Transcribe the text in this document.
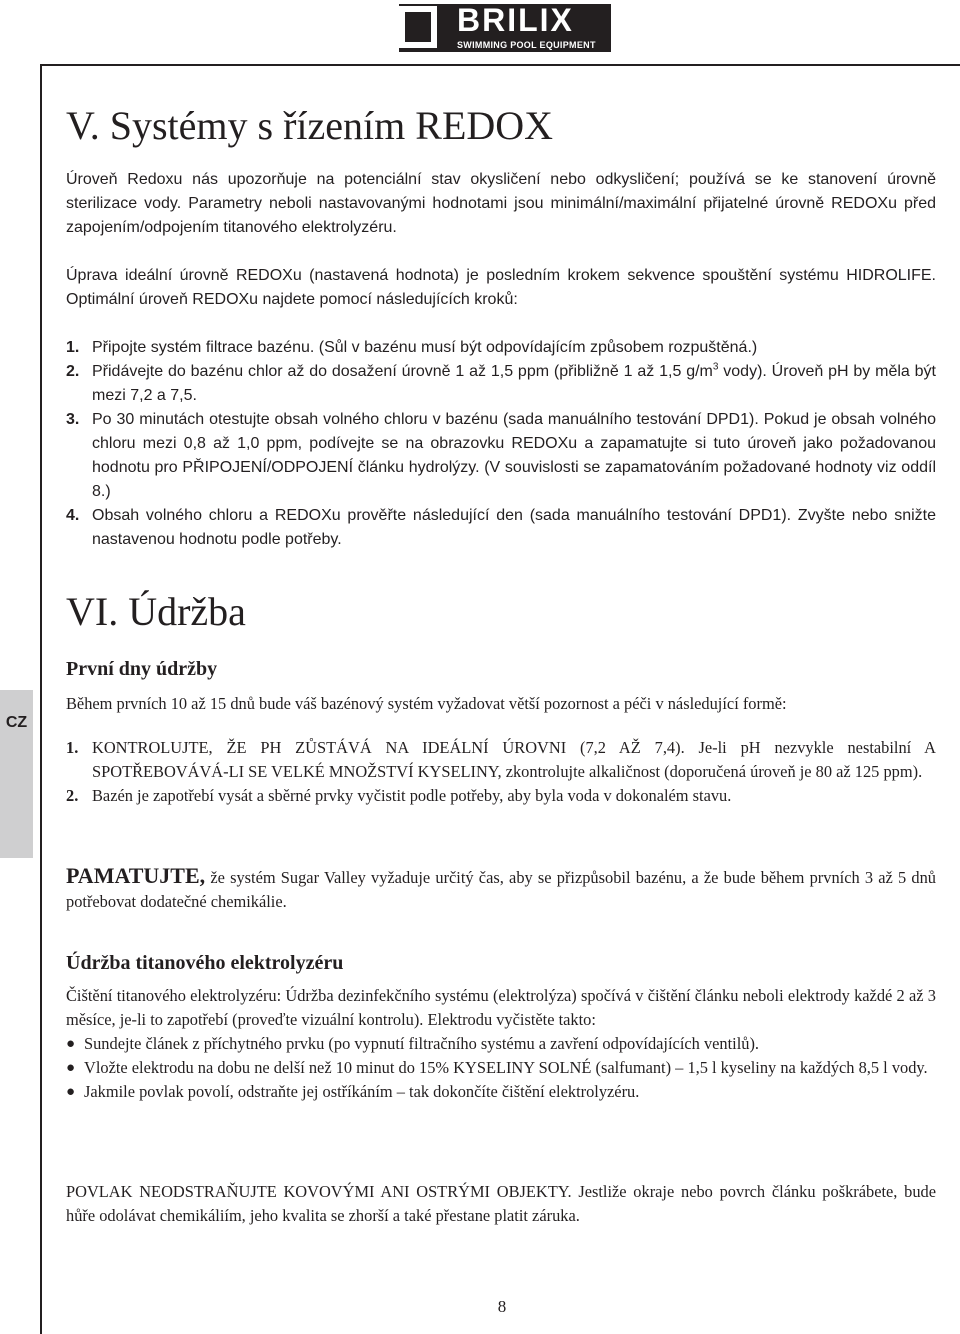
BRILIX
SWIMMING POOL EQUIPMENT
CZ
V. Systémy s řízením REDOX

Úroveň Redoxu nás upozorňuje na potenciální stav okysličení nebo odkysličení; používá se ke stanovení úrovně sterilizace vody. Parametry neboli nastavovanými hodnotami jsou minimální/maximální přijatelné úrovně REDOXu před zapojením/odpojením titanového elektrolyzéru.

Úprava ideální úrovně REDOXu (nastavená hodnota) je posledním krokem sekvence spouštění systému HIDROLIFE. Optimální úroveň REDOXu najdete pomocí následujících kroků:

1. Připojte systém filtrace bazénu. (Sůl v bazénu musí být odpovídajícím způsobem rozpuštěná.)
2. Přidávejte do bazénu chlor až do dosažení úrovně 1 až 1,5 ppm (přibližně 1 až 1,5 $g/m^3$ vody). Úroveň pH by měla být mezi 7,2 a 7,5.
3. Po 30 minutách otestujte obsah volného chloru v bazénu (sada manuálního testování DPD1). Pokud je obsah volného chloru mezi 0,8 až 1,0 ppm, podívejte se na obrazovku REDOXu a zapamatujte si tuto úroveň jako požadovanou hodnotu pro PŘIPOJENÍ/ODPOJENÍ článku hydrolýzy. (V souvislosti se zapamatováním požadované hodnoty viz oddíl 8.)
4. Obsah volného chloru a REDOXu prověřte následující den (sada manuálního testování DPD1). Zvyšte nebo snižte nastavenou hodnotu podle potřeby.
VI. Údržba
První dny údržby

Během prvních 10 až 15 dnů bude váš bazénový systém vyžadovat větší pozornost a péči v následující formě:

1. KONTROLUJTE, ŽE PH ZŮSTÁVÁ NA IDEÁLNÍ ÚROVNI (7,2 AŽ 7,4). Je-li pH nezvykle nestabilní A SPOTŘEBOVÁVÁ-LI SE VELKÉ MNOŽSTVÍ KYSELINY, zkontrolujte alkaličnost (doporučená úroveň je 80 až 125 ppm).
2. Bazén je zapotřebí vysát a sběrné prvky vyčistit podle potřeby, aby byla voda v dokonalém stavu.

PAMATUJTE, že systém Sugar Valley vyžaduje určitý čas, aby se přizpůsobil bazénu, a že bude během prvních 3 až 5 dnů potřebovat dodatečné chemikálie.

Údržba titanového elektrolyzéru

Čištění titanového elektrolyzéru: Údržba dezinfekčního systému (elektrolýza) spočívá v čištění článku neboli elektrody každé 2 až 3 měsíce, je-li to zapotřebí (proveďte vizuální kontrolu). Elektrodu vyčistěte takto:

● Sundejte článek z příchytného prvku (po vypnutí filtračního systému a zavření odpovídajících ventilů).
● Vložte elektrodu na dobu ne delší než 10 minut do 15% KYSELINY SOLNÉ (salfumant) – 1,5 l kyseliny na každých 8,5 l vody.
● Jakmile povlak povolí, odstraňte jej ostříkáním – tak dokončíte čištění elektrolyzéru.

POVLAK NEODSTRAŇUJTE KOVOVÝMI ANI OSTRÝMI OBJEKTY. Jestliže okraje nebo povrch článku poškrábete, bude hůře odolávat chemikáliím, jeho kvalita se zhorší a také přestane platit záruka.

8
